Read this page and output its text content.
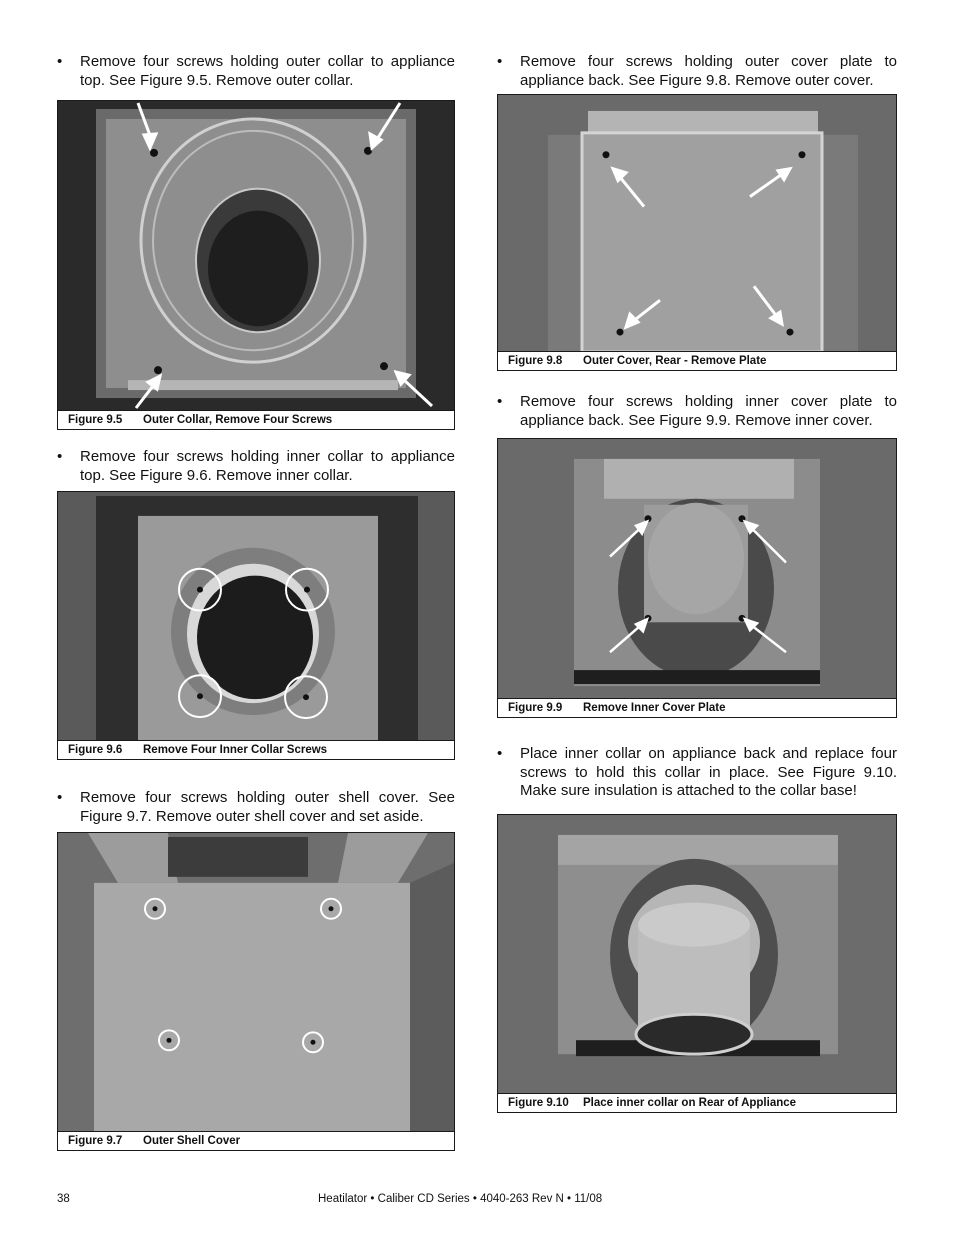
• Remove four screws holding outer collar to appliance top. See Figure 9.5. Remove outer collar.

Figure 9.5 Outer Collar, Remove Four Screws

• Remove four screws holding inner collar to appliance top. See Figure 9.6. Remove inner collar.

Figure 9.6 Remove Four Inner Collar Screws

• Remove four screws holding outer shell cover. See Figure 9.7. Remove outer shell cover and set aside.

Figure 9.7 Outer Shell Cover

• Remove four screws holding outer cover plate to appliance back. See Figure 9.8. Remove outer cover.

Figure 9.8 Outer Cover, Rear - Remove Plate

• Remove four screws holding inner cover plate to appliance back. See Figure 9.9. Remove inner cover.

Figure 9.9 Remove Inner Cover Plate

• Place inner collar on appliance back and replace four screws to hold this collar in place. See Figure 9.10. Make sure insulation is attached to the collar base!

Figure 9.10 Place inner collar on Rear of Appliance
38	Heatilator • Caliber CD Series • 4040-263 Rev N • 11/08
